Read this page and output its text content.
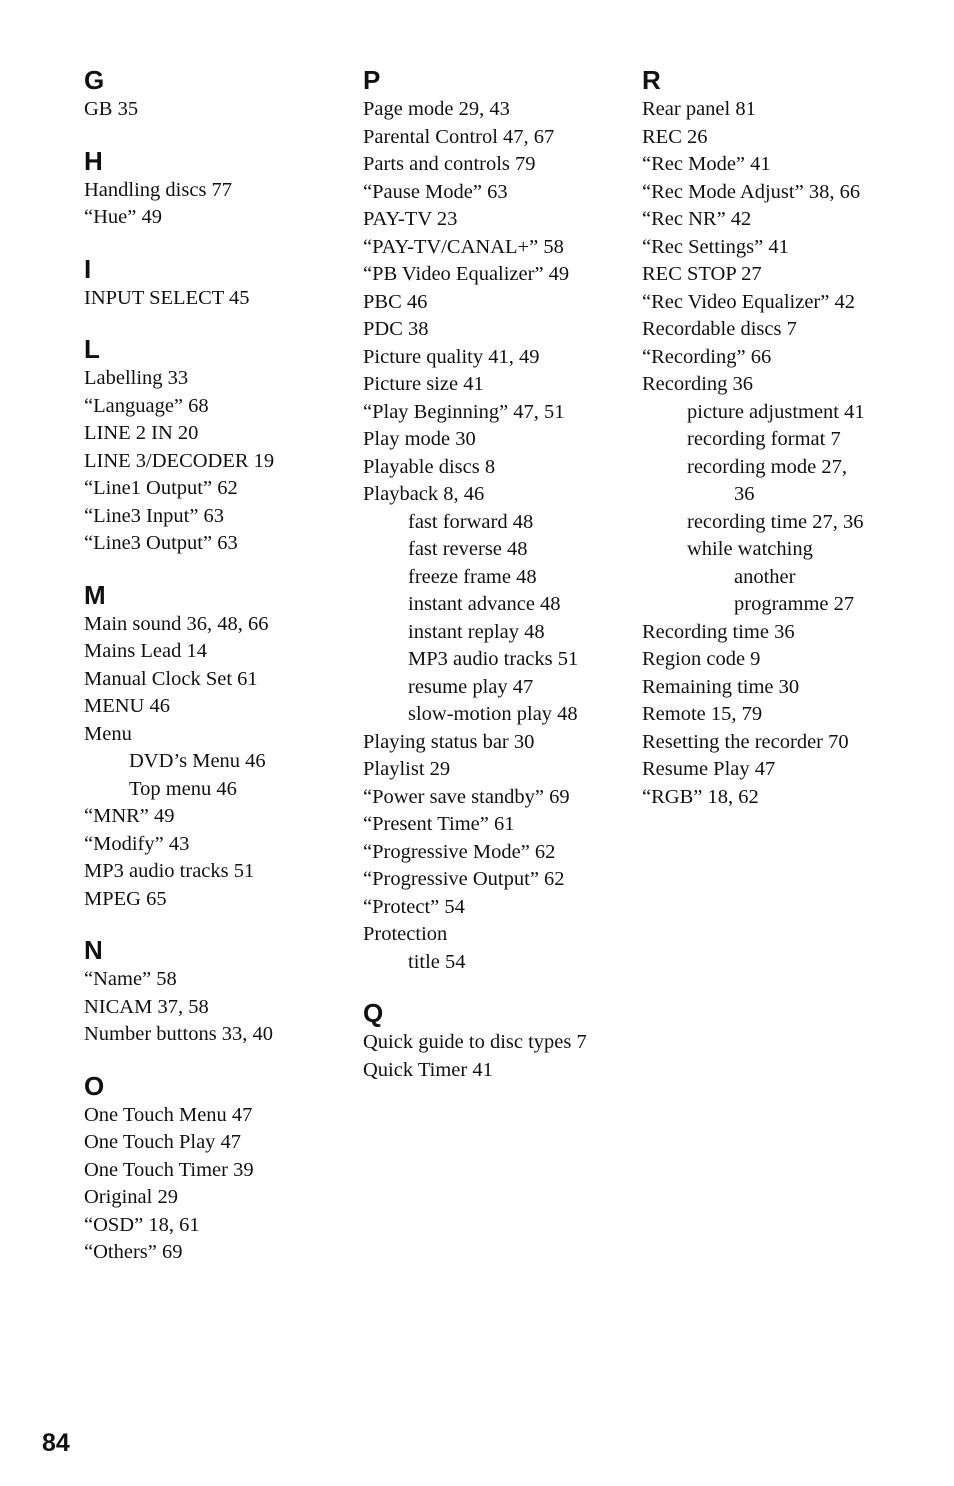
G
GB 35
H
Handling discs 77
“Hue” 49
I
INPUT SELECT 45
L
Labelling 33
“Language” 68
LINE 2 IN 20
LINE 3/DECODER 19
“Line1 Output” 62
“Line3 Input” 63
“Line3 Output” 63
M
Main sound 36, 48, 66
Mains Lead 14
Manual Clock Set 61
MENU 46
Menu
DVD’s Menu 46
Top menu 46
“MNR” 49
“Modify” 43
MP3 audio tracks 51
MPEG 65
N
“Name” 58
NICAM 37, 58
Number buttons 33, 40
O
One Touch Menu 47
One Touch Play 47
One Touch Timer 39
Original 29
“OSD” 18, 61
“Others” 69
P
Page mode 29, 43
Parental Control 47, 67
Parts and controls 79
“Pause Mode” 63
PAY-TV 23
“PAY-TV/CANAL+” 58
“PB Video Equalizer” 49
PBC 46
PDC 38
Picture quality 41, 49
Picture size 41
“Play Beginning” 47, 51
Play mode 30
Playable discs 8
Playback 8, 46
fast forward 48
fast reverse 48
freeze frame 48
instant advance 48
instant replay 48
MP3 audio tracks 51
resume play 47
slow-motion play 48
Playing status bar 30
Playlist 29
“Power save standby” 69
“Present Time” 61
“Progressive Mode” 62
“Progressive Output” 62
“Protect” 54
Protection
title 54
Q
Quick guide to disc types 7
Quick Timer 41
R
Rear panel 81
REC 26
“Rec Mode” 41
“Rec Mode Adjust” 38, 66
“Rec NR” 42
“Rec Settings” 41
REC STOP 27
“Rec Video Equalizer” 42
Recordable discs 7
“Recording” 66
Recording 36
picture adjustment 41
recording format 7
recording mode 27,
36
recording time 27, 36
while watching
another
programme 27
Recording time 36
Region code 9
Remaining time 30
Remote 15, 79
Resetting the recorder 70
Resume Play 47
“RGB” 18, 62
84
